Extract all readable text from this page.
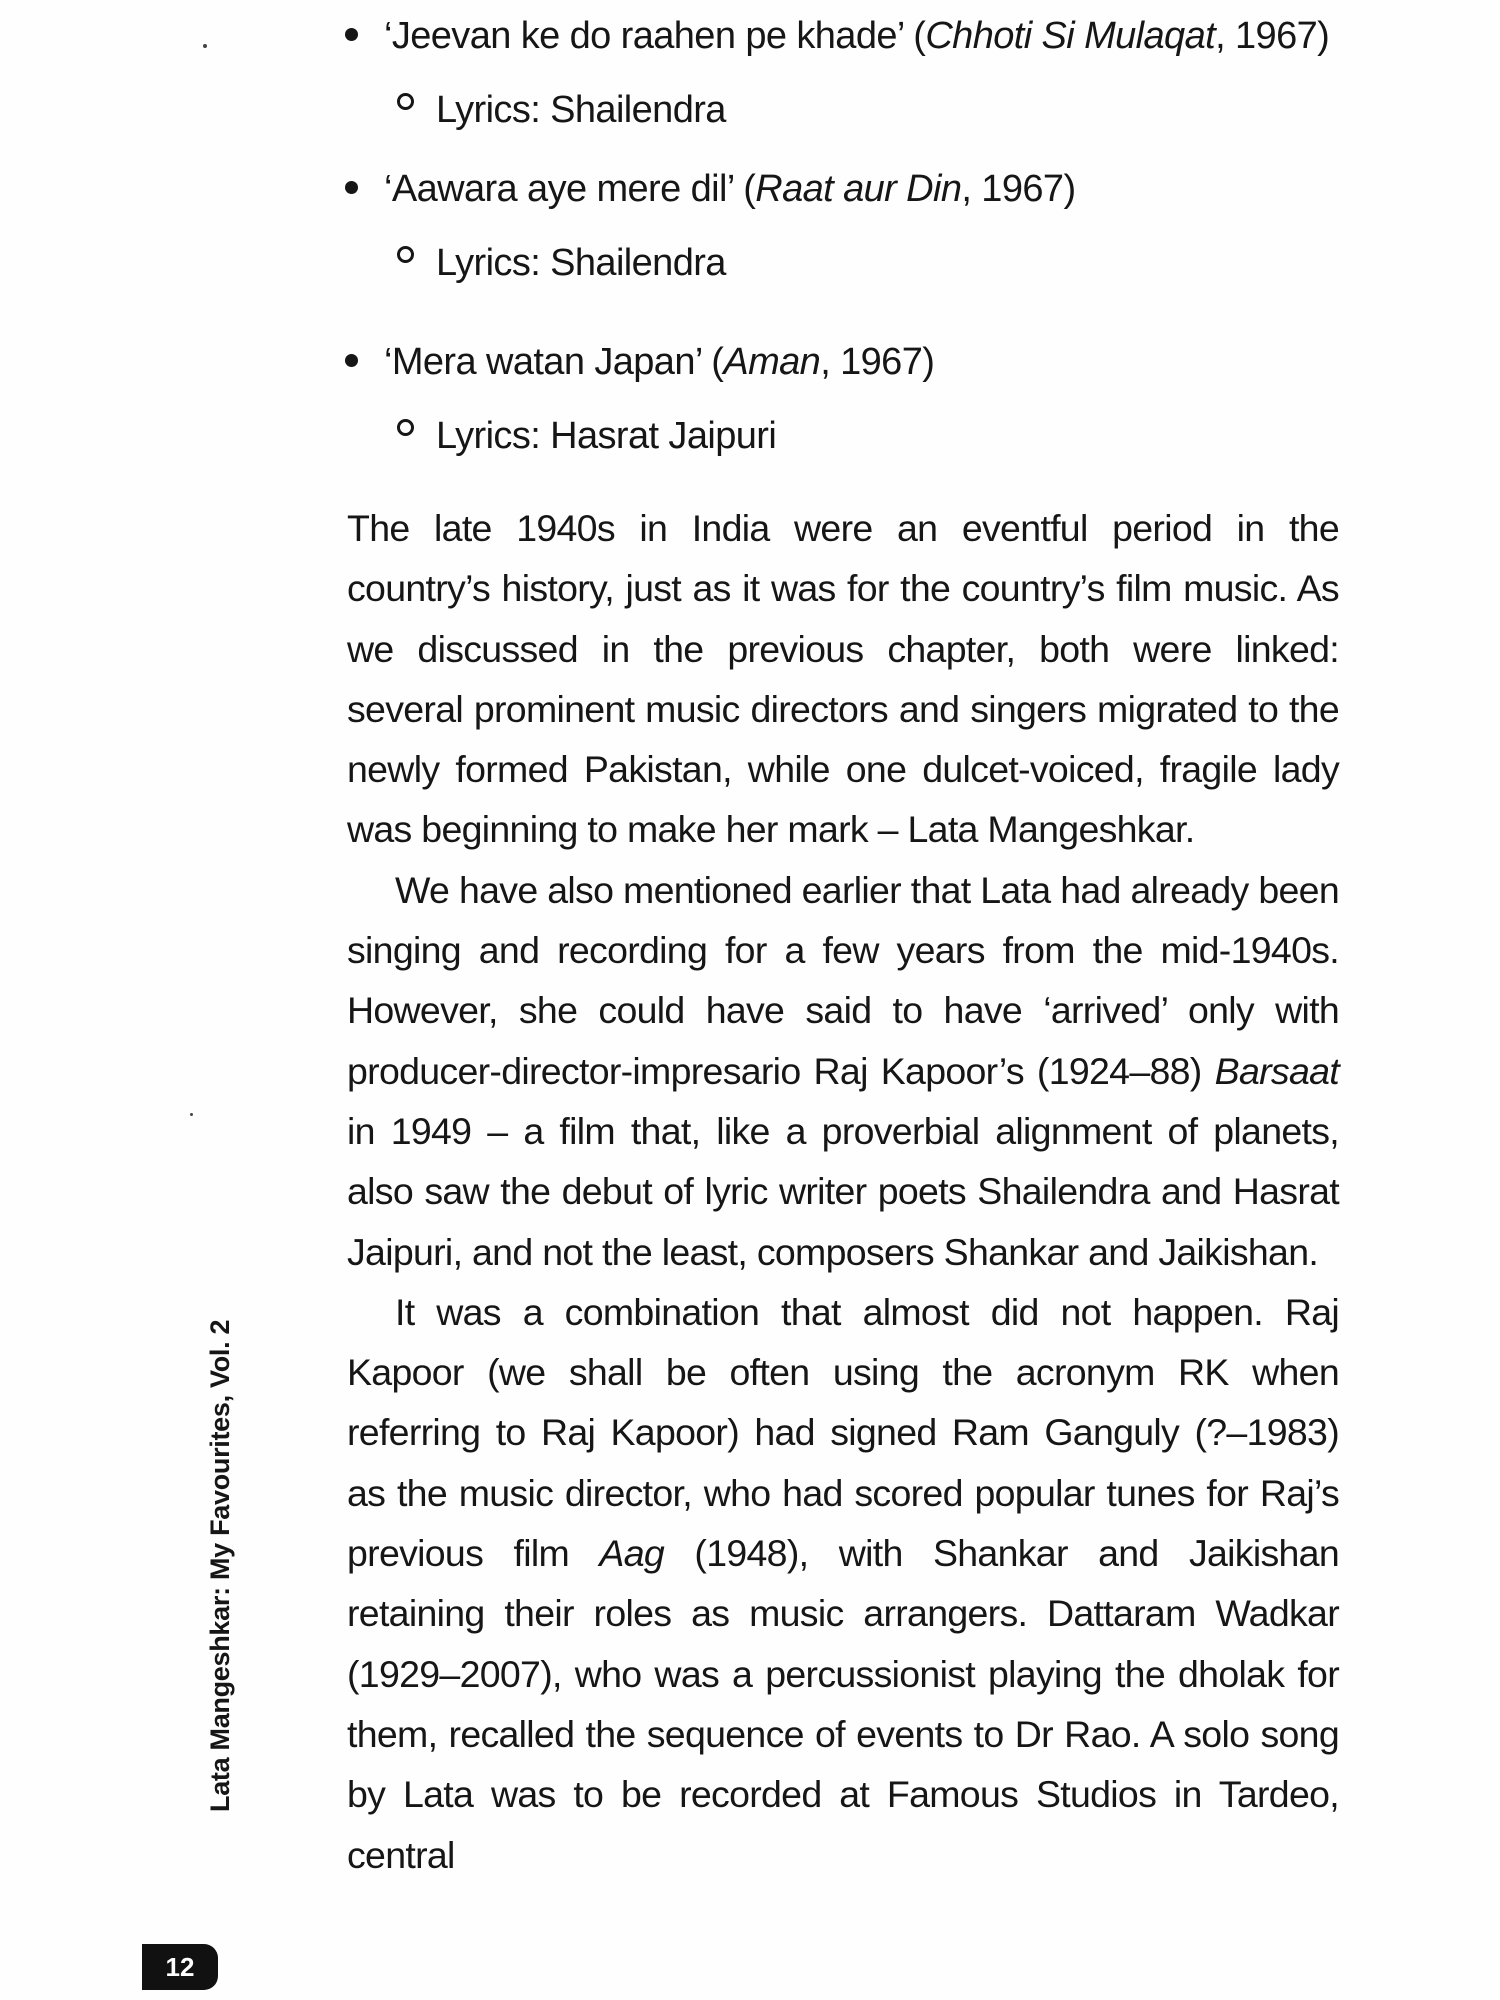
‘Jeevan ke do raahen pe khade’ (Chhoti Si Mulaqat, 1967)
Lyrics: Shailendra
‘Aawara aye mere dil’ (Raat aur Din, 1967)
Lyrics: Shailendra
‘Mera watan Japan’ (Aman, 1967)
Lyrics: Hasrat Jaipuri

The late 1940s in India were an eventful period in the country’s history, just as it was for the country’s film music. As we discussed in the previous chapter, both were linked: several prominent music directors and singers migrated to the newly formed Pakistan, while one dulcet-voiced, fragile lady was beginning to make her mark – Lata Mangeshkar.

We have also mentioned earlier that Lata had already been singing and recording for a few years from the mid-1940s. However, she could have said to have ‘arrived’ only with producer-director-impresario Raj Kapoor’s (1924–88) Barsaat in 1949 – a film that, like a proverbial alignment of planets, also saw the debut of lyric writer poets Shailendra and Hasrat Jaipuri, and not the least, composers Shankar and Jaikishan.

It was a combination that almost did not happen. Raj Kapoor (we shall be often using the acronym RK when referring to Raj Kapoor) had signed Ram Ganguly (?–1983) as the music director, who had scored popular tunes for Raj’s previous film Aag (1948), with Shankar and Jaikishan retaining their roles as music arrangers. Dattaram Wadkar (1929–2007), who was a percussionist playing the dholak for them, recalled the sequence of events to Dr Rao. A solo song by Lata was to be recorded at Famous Studios in Tardeo, central

Lata Mangeshkar: My Favourites, Vol. 2
12
